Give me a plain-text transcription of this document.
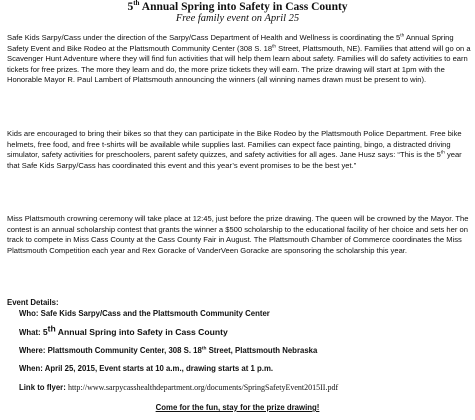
5th Annual Spring into Safety in Cass County
Free family event on April 25

Safe Kids Sarpy/Cass under the direction of the Sarpy/Cass Department of Health and Wellness is coordinating the 5th Annual Spring Safety Event and Bike Rodeo at the Plattsmouth Community Center (308 S. 18th Street, Plattsmouth, NE). Families that attend will go on a Scavenger Hunt Adventure where they will find fun activities that will help them learn about safety. Families will do safety activities to earn tickets for free prizes. The more they learn and do, the more prize tickets they will earn. The prize drawing will start at 1pm with the Honorable Mayor R. Paul Lambert of Plattsmouth announcing the winners (all winning names drawn must be present to win).

Kids are encouraged to bring their bikes so that they can participate in the Bike Rodeo by the Plattsmouth Police Department. Free bike helmets, free food, and free t-shirts will be available while supplies last. Families can expect face painting, bingo, a distracted driving simulator, safety activities for preschoolers, parent safety quizzes, and safety activities for all ages. Jane Husz says: “This is the 5th year that Safe Kids Sarpy/Cass has coordinated this event and this year’s event promises to be the best yet.”

Miss Plattsmouth crowning ceremony will take place at 12:45, just before the prize drawing. The queen will be crowned by the Mayor. The contest is an annual scholarship contest that grants the winner a $500 scholarship to the educational facility of her choice and sets her on track to compete in Miss Cass County at the Cass County Fair in August. The Plattsmouth Chamber of Commerce coordinates the Miss Plattsmouth Competition each year and Rex Goracke of VanderVeen Goracke are sponsoring the scholarship this year.

Event Details:

Who: Safe Kids Sarpy/Cass and the Plattsmouth Community Center

What: 5th Annual Spring into Safety in Cass County

Where: Plattsmouth Community Center, 308 S. 18th Street, Plattsmouth Nebraska

When: April 25, 2015, Event starts at 10 a.m., drawing starts at 1 p.m.

Link to flyer: http://www.sarpycasshealthdepartment.org/documents/SpringSafetyEvent2015II.pdf

Come for the fun, stay for the prize drawing!
